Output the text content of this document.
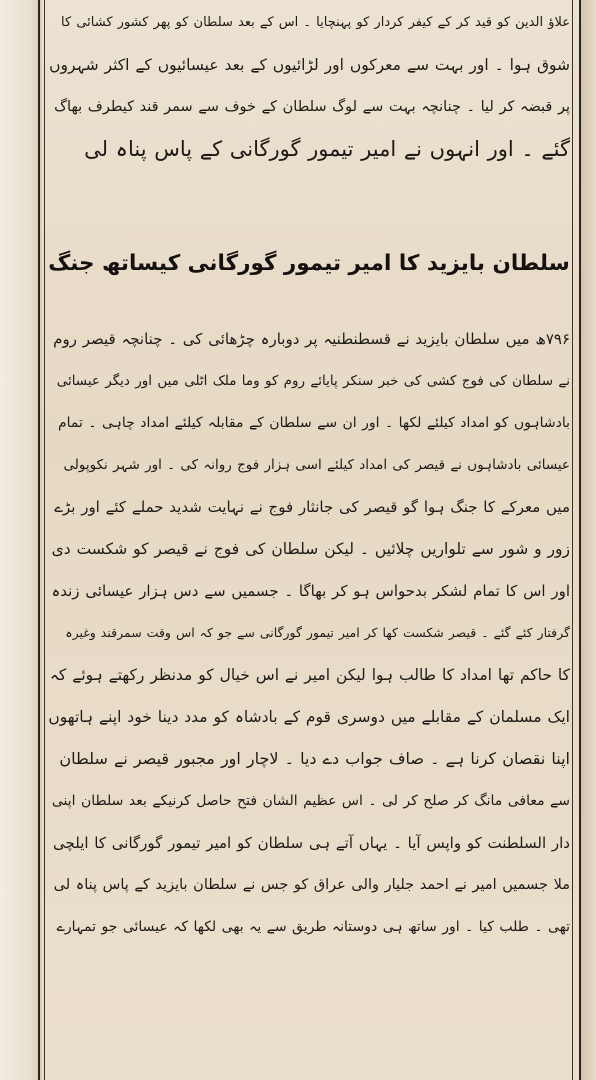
علاؤ الدین کو قید کر کے کیفر کردار کو پہنچایا ۔ اس کے بعد سلطان کو پھر کشور کشائی کا
شوق ہوا ۔ اور بہت سے معرکوں اور لڑائیوں کے بعد عیسائیوں کے اکثر شہروں
پر قبضہ کر لیا ۔ چنانچہ بہت سے لوگ سلطان کے خوف سے سمر قند کیطرف بھاگ
گئے ۔ اور انہوں نے امیر تیمور گورگانی کے پاس پناہ لی
سلطان بایزید کا امیر تیمور گورگانی کیساتھ جنگ
۷۹۶ھ میں سلطان بایزید نے قسطنطنیہ پر دوبارہ چڑھائی کی ۔ چنانچہ قیصر روم
نے سلطان کی فوج کشی کی خبر سنکر پایائے روم کو وما ملک اٹلی میں اور دیگر عیسائی
بادشاہوں کو امداد کیلئے لکھا ۔ اور ان سے سلطان کے مقابلہ کیلئے امداد چاہی ۔ تمام
عیسائی بادشاہوں نے قیصر کی امداد کیلئے اسی ہزار فوج روانہ کی ۔ اور شہر نکوپولی
میں معرکے کا جنگ ہوا گو قیصر کی جانثار فوج نے نہایت شدید حملے کئے اور بڑے
زور و شور سے تلواریں چلائیں ۔ لیکن سلطان کی فوج نے قیصر کو شکست دی
اور اس کا تمام لشکر بدحواس ہو کر بھاگا ۔ جسمیں سے دس ہزار عیسائی زندہ
گرفتار کئے گئے ۔ قیصر شکست کھا کر امیر تیمور گورگانی سے جو کہ اس وقت سمرقند وغیرہ
کا حاکم تھا امداد کا طالب ہوا لیکن امیر نے اس خیال کو مدنظر رکھتے ہوئے کہ
ایک مسلمان کے مقابلے میں دوسری قوم کے بادشاہ کو مدد دینا خود اپنے ہاتھوں
اپنا نقصان کرنا ہے ۔ صاف جواب دے دیا ۔ لاچار اور مجبور قیصر نے سلطان
سے معافی مانگ کر صلح کر لی ۔ اس عظیم الشان فتح حاصل کرنیکے بعد سلطان اپنی
دار السلطنت کو واپس آیا ۔ یہاں آتے ہی سلطان کو امیر تیمور گورگانی کا ایلچی
ملا جسمیں امیر نے احمد جلیار والی عراق کو جس نے سلطان بایزید کے پاس پناہ لی
تھی ۔ طلب کیا ۔ اور ساتھ ہی دوستانہ طریق سے یہ بھی لکھا کہ عیسائی جو تمہارے
